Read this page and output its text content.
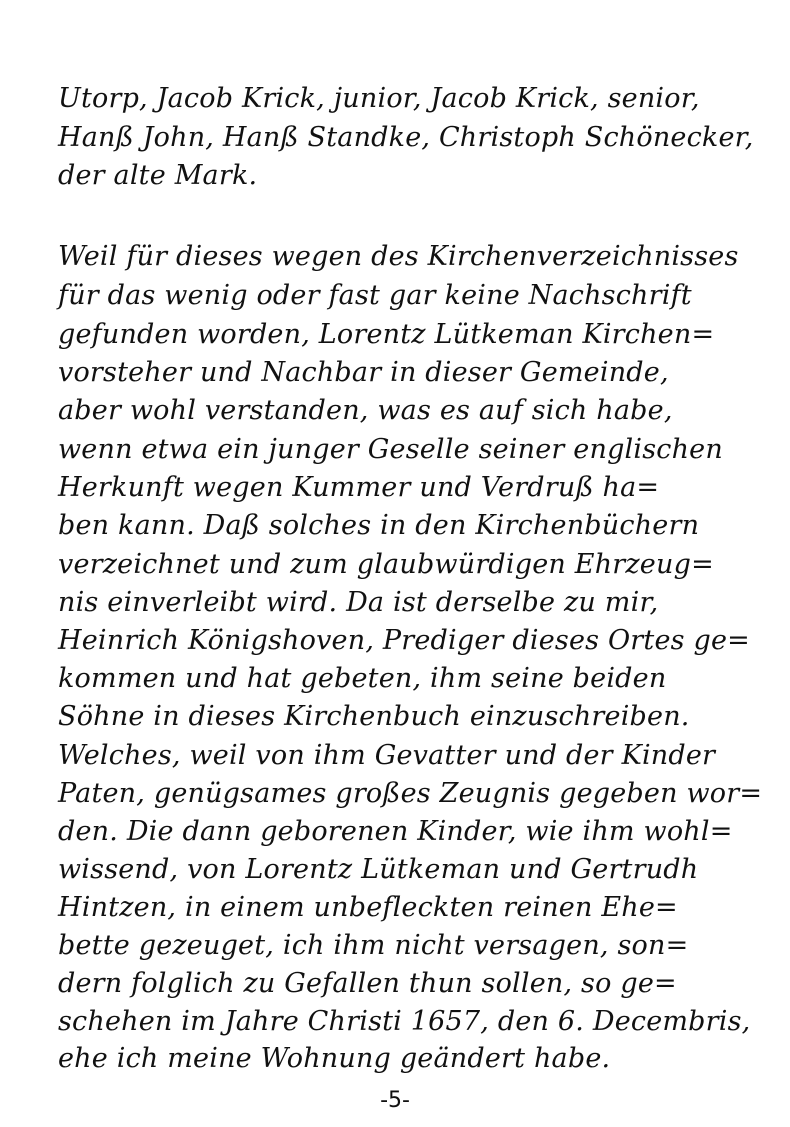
Utorp, Jacob Krick, junior, Jacob Krick, senior,
Hanß John, Hanß Standke, Christoph Schönecker,
der alte Mark.
Weil für dieses wegen des Kirchenverzeichnisses
für das wenig oder fast gar keine Nachschrift
gefunden worden, Lorentz Lütkeman Kirchen=
vorsteher und Nachbar in dieser Gemeinde,
aber wohl verstanden, was es auf sich habe,
wenn etwa ein junger Geselle seiner englischen
Herkunft wegen Kummer und Verdruß ha=
ben kann. Daß solches in den Kirchenbüchern
verzeichnet und zum glaubwürdigen Ehrzeug=
nis einverleibt wird. Da ist derselbe zu mir,
Heinrich Königshoven, Prediger dieses Ortes ge=
kommen und hat gebeten, ihm seine beiden
Söhne in dieses Kirchenbuch einzuschreiben.
Welches, weil von ihm Gevatter und der Kinder
Paten, genügsames großes Zeugnis gegeben wor=
den. Die dann geborenen Kinder, wie ihm wohl=
wissend, von Lorentz Lütkeman und Gertrudh
Hintzen, in einem unbefleckten reinen Ehe=
bette gezeuget, ich ihm nicht versagen, son=
dern folglich zu Gefallen thun sollen, so ge=
schehen im Jahre Christi 1657, den 6. Decembris,
ehe ich meine Wohnung geändert habe.
-5-
